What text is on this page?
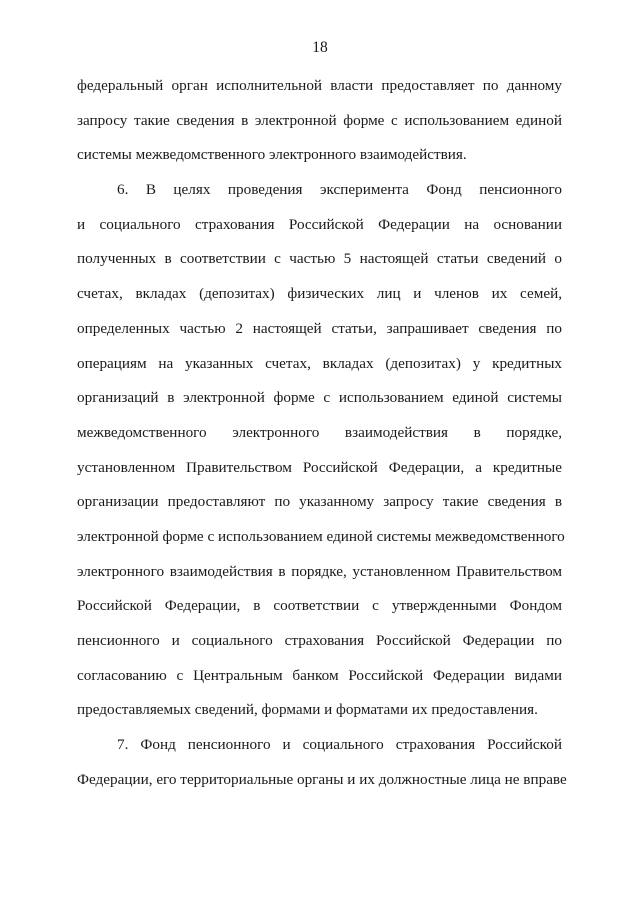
18
федеральный орган исполнительной власти предоставляет по данному
запросу такие сведения в электронной форме с использованием единой
системы межведомственного электронного взаимодействия.
6. В целях проведения эксперимента Фонд пенсионного
и социального страхования Российской Федерации на основании
полученных в соответствии с частью 5 настоящей статьи сведений о
счетах, вкладах (депозитах) физических лиц и членов их семей,
определенных частью 2 настоящей статьи, запрашивает сведения по
операциям на указанных счетах, вкладах (депозитах) у кредитных
организаций в электронной форме с использованием единой системы
межведомственного электронного взаимодействия в порядке,
установленном Правительством Российской Федерации, а кредитные
организации предоставляют по указанному запросу такие сведения в
электронной форме с использованием единой системы межведомственного
электронного взаимодействия в порядке, установленном Правительством
Российской Федерации, в соответствии с утвержденными Фондом
пенсионного и социального страхования Российской Федерации по
согласованию с Центральным банком Российской Федерации видами
предоставляемых сведений, формами и форматами их предоставления.
7. Фонд пенсионного и социального страхования Российской
Федерации, его территориальные органы и их должностные лица не вправе
